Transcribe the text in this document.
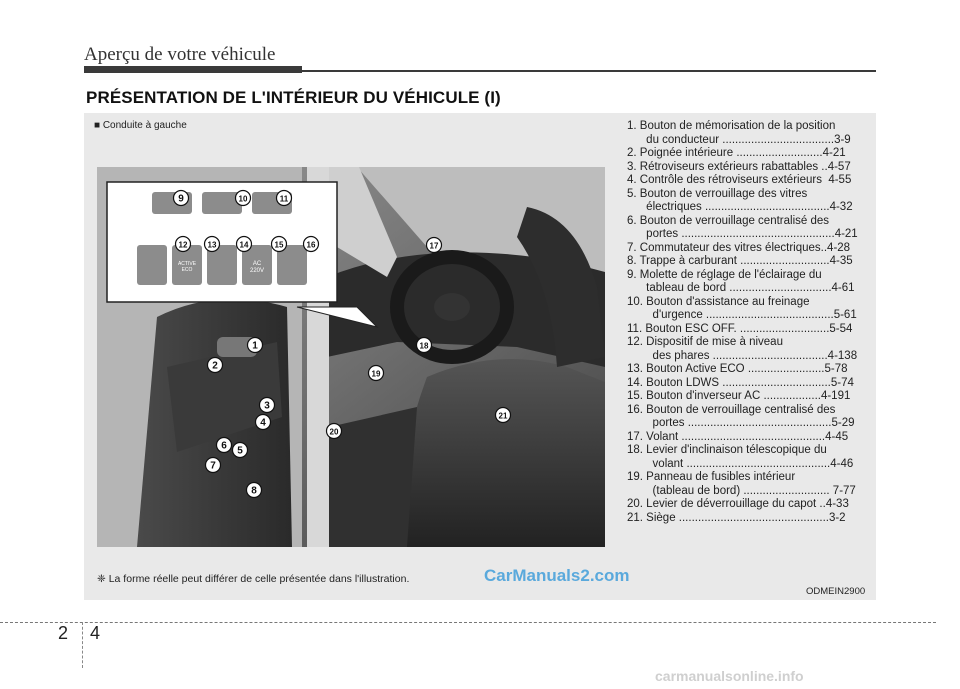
Aperçu de votre véhicule
PRÉSENTATION DE L'INTÉRIEUR DU VÉHICULE (I)
■ Conduite à gauche
ACTIVE ECO
AC 220V
1
2
3
4
5
6
7
8
9	10	11
12	13	14	15	16	17
18
19
20
21
❈ La forme réelle peut différer de celle présentée dans l'illustration.	CarManuals2.com
1. Bouton de mémorisation de la position
du conducteur ...................................3-9
2. Poignée intérieure ...........................4-21
3. Rétroviseurs extérieurs rabattables ..4-57
4. Contrôle des rétroviseurs extérieurs  4-55
5. Bouton de verrouillage des vitres
électriques .......................................4-32
6. Bouton de verrouillage centralisé des
portes ................................................4-21
7. Commutateur des vitres électriques..4-28
8. Trappe à carburant ............................4-35
9. Molette de réglage de l'éclairage du
tableau de bord ................................4-61
10. Bouton d'assistance au freinage
d'urgence ........................................5-61
11. Bouton ESC OFF. ............................5-54
12. Dispositif de mise à niveau
des phares ....................................4-138
13. Bouton Active ECO ........................5-78
14. Bouton LDWS ..................................5-74
15. Bouton d'inverseur AC ..................4-191
16. Bouton de verrouillage centralisé des
portes .............................................5-29
17. Volant .............................................4-45
18. Levier d'inclinaison télescopique du
volant .............................................4-46
19. Panneau de fusibles intérieur
(tableau de bord) ........................... 7-77
20. Levier de déverrouillage du capot ..4-33
21. Siège ...............................................3-2
ODMEIN2900
2 4
carmanualsonline.info
